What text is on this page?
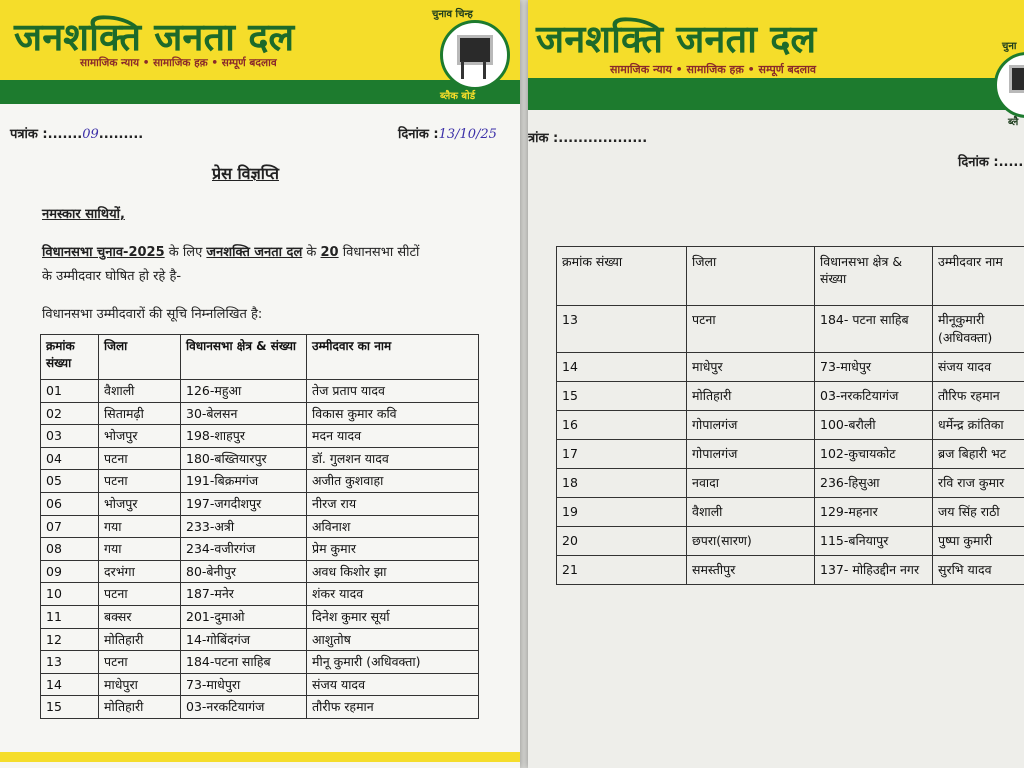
जनशक्ति जनता दल
सामाजिक न्याय • सामाजिक हक़ • सम्पूर्ण बदलाव
चुनाव चिन्ह
ब्लैक बोर्ड
पत्रांक :.......09.........	दिनांक :13/10/25
प्रेस विज्ञप्ति
नमस्कार साथियों,
विधानसभा चुनाव-2025 के लिए जनशक्ति जनता दल के 20 विधानसभा सीटों
के उम्मीदवार घोषित हो रहे है-
विधानसभा उम्मीदवारों की सूचि निम्नलिखित है:
क्रमांक संख्या	जिला	विधानसभा क्षेत्र & संख्या	उम्मीदवार का नाम
01	वैशाली	126-महुआ	तेज प्रताप यादव
02	सितामढ़ी	30-बेलसन	विकास कुमार कवि
03	भोजपुर	198-शाहपुर	मदन यादव
04	पटना	180-बख्तियारपुर	डॉ. गुलशन यादव
05	पटना	191-बिक्रमगंज	अजीत कुशवाहा
06	भोजपुर	197-जगदीशपुर	नीरज राय
07	गया	233-अत्री	अविनाश
08	गया	234-वजीरगंज	प्रेम कुमार
09	दरभंगा	80-बेनीपुर	अवध किशोर झा
10	पटना	187-मनेर	शंकर यादव
11	बक्सर	201-दुमाओ	दिनेश कुमार सूर्या
12	मोतिहारी	14-गोबिंदगंज	आशुतोष
13	पटना	184-पटना साहिब	मीनू कुमारी (अधिवक्ता)
14	माधेपुरा	73-माधेपुरा	संजय यादव
15	मोतिहारी	03-नरकटियागंज	तौरीफ रहमान
जनशक्ति जनता दल
सामाजिक न्याय • सामाजिक हक़ • सम्पूर्ण बदलाव
चुना
ब्लै
त्रांक :..................
दिनांक :.....
क्रमांक संख्या	जिला	विधानसभा क्षेत्र & संख्या	उम्मीदवार नाम
13	पटना	184- पटना साहिब	मीनूकुमारी (अधिवक्ता)
14	माधेपुर	73-माधेपुर	संजय यादव
15	मोतिहारी	03-नरकटियागंज	तौरिफ रहमान
16	गोपालगंज	100-बरौली	धर्मेन्द्र क्रांतिका
17	गोपालगंज	102-कुचायकोट	ब्रज बिहारी भट
18	नवादा	236-हिसुआ	रवि राज कुमार
19	वैशाली	129-महनार	जय सिंह राठी
20	छपरा(सारण)	115-बनियापुर	पुष्पा कुमारी
21	समस्तीपुर	137- मोहिउद्दीन नगर	सुरभि यादव
